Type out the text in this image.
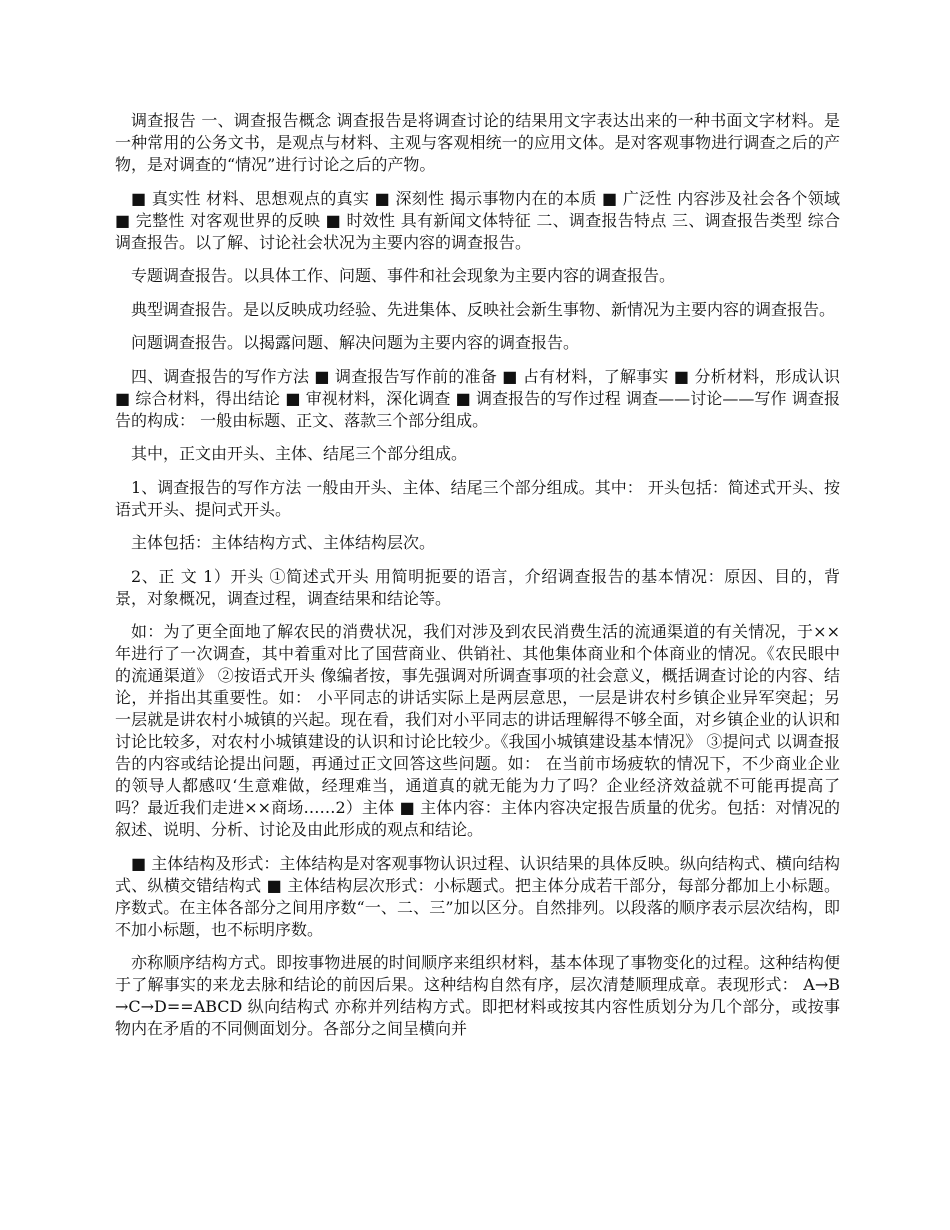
调查报告 一、调查报告概念 调查报告是将调查讨论的结果用文字表达出来的一种书面文字材料。是一种常用的公务文书，是观点与材料、主观与客观相统一的应用文体。是对客观事物进行调查之后的产物，是对调查的“情况”进行讨论之后的产物。

■ 真实性 材料、思想观点的真实 ■ 深刻性 揭示事物内在的本质 ■ 广泛性 内容涉及社会各个领域 ■ 完整性 对客观世界的反映 ■ 时效性 具有新闻文体特征 二、调查报告特点 三、调查报告类型 综合调查报告。以了解、讨论社会状况为主要内容的调查报告。

专题调查报告。以具体工作、问题、事件和社会现象为主要内容的调查报告。

典型调查报告。是以反映成功经验、先进集体、反映社会新生事物、新情况为主要内容的调查报告。

问题调查报告。以揭露问题、解决问题为主要内容的调查报告。

四、调查报告的写作方法 ■ 调查报告写作前的准备 ■ 占有材料，了解事实 ■ 分析材料，形成认识 ■ 综合材料，得出结论 ■ 审视材料，深化调查 ■ 调查报告的写作过程 调查——讨论——写作 调查报告的构成： 一般由标题、正文、落款三个部分组成。

其中，正文由开头、主体、结尾三个部分组成。

1、调查报告的写作方法 一般由开头、主体、结尾三个部分组成。其中： 开头包括：简述式开头、按语式开头、提问式开头。

主体包括：主体结构方式、主体结构层次。

2、正 文 1）开头 ①简述式开头 用简明扼要的语言，介绍调查报告的基本情况：原因、目的，背景，对象概况，调查过程，调查结果和结论等。

如：为了更全面地了解农民的消费状况，我们对涉及到农民消费生活的流通渠道的有关情况，于××年进行了一次调查，其中着重对比了国营商业、供销社、其他集体商业和个体商业的情况。《农民眼中的流通渠道》 ②按语式开头 像编者按，事先强调对所调查事项的社会意义，概括调查讨论的内容、结论，并指出其重要性。如： 小平同志的讲话实际上是两层意思，一层是讲农村乡镇企业异军突起；另一层就是讲农村小城镇的兴起。现在看，我们对小平同志的讲话理解得不够全面，对乡镇企业的认识和讨论比较多，对农村小城镇建设的认识和讨论比较少。《我国小城镇建设基本情况》 ③提问式 以调查报告的内容或结论提出问题，再通过正文回答这些问题。如： 在当前市场疲软的情况下，不少商业企业的领导人都感叹‘生意难做，经理难当，通道真的就无能为力了吗？企业经济效益就不可能再提高了吗？最近我们走进××商场……2）主体 ■ 主体内容：主体内容决定报告质量的优劣。包括：对情况的叙述、说明、分析、讨论及由此形成的观点和结论。

■ 主体结构及形式：主体结构是对客观事物认识过程、认识结果的具体反映。纵向结构式、横向结构式、纵横交错结构式 ■ 主体结构层次形式：小标题式。把主体分成若干部分，每部分都加上小标题。序数式。在主体各部分之间用序数“一、二、三”加以区分。自然排列。以段落的顺序表示层次结构，即不加小标题，也不标明序数。

亦称顺序结构方式。即按事物进展的时间顺序来组织材料，基本体现了事物变化的过程。这种结构便于了解事实的来龙去脉和结论的前因后果。这种结构自然有序，层次清楚顺理成章。表现形式： A→B→C→D==ABCD 纵向结构式 亦称并列结构方式。即把材料或按其内容性质划分为几个部分，或按事物内在矛盾的不同侧面划分。各部分之间呈横向并
